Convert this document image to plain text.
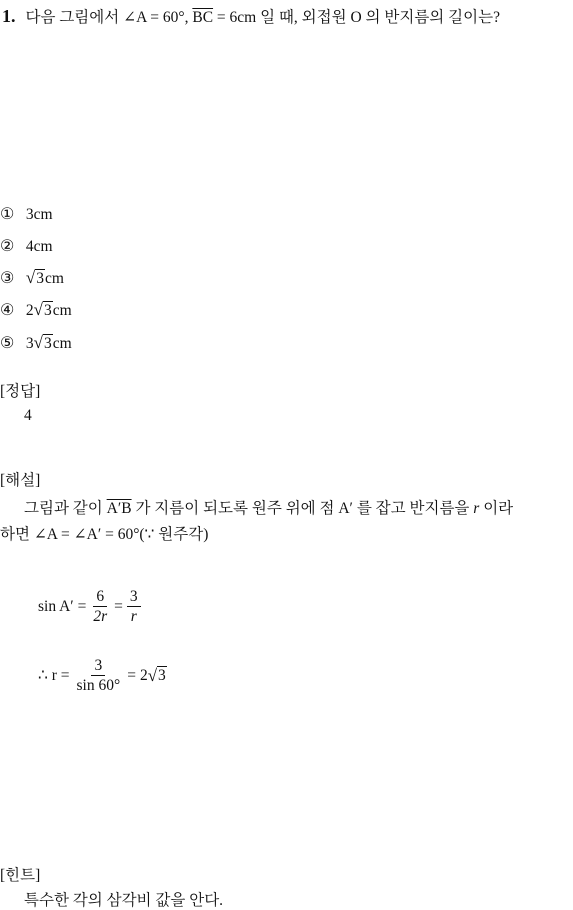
1. 다음 그림에서 ∠A = 60°, $\overline{BC} = 6cm$ 일 때, 외접원 O 의 반지름의 길이는?
① 3cm
② 4cm
③ √3cm
④ 2√3cm
⑤ 3√3cm
[정답]
4
[해설]
그림과 같이 A′B 가 지름이 되도록 원주 위에 점 A′ 를 잡고 반지름을 r 이라
하면 ∠A = ∠A′ = 60°(∵ 원주각)
$\sin A' = \frac{6}{2r} = \frac{3}{r}$
∴ $r = \frac{3}{\sin 60^\circ} = 2$ √ 3
[힌트]
특수한 각의 삼각비 값을 안다.
